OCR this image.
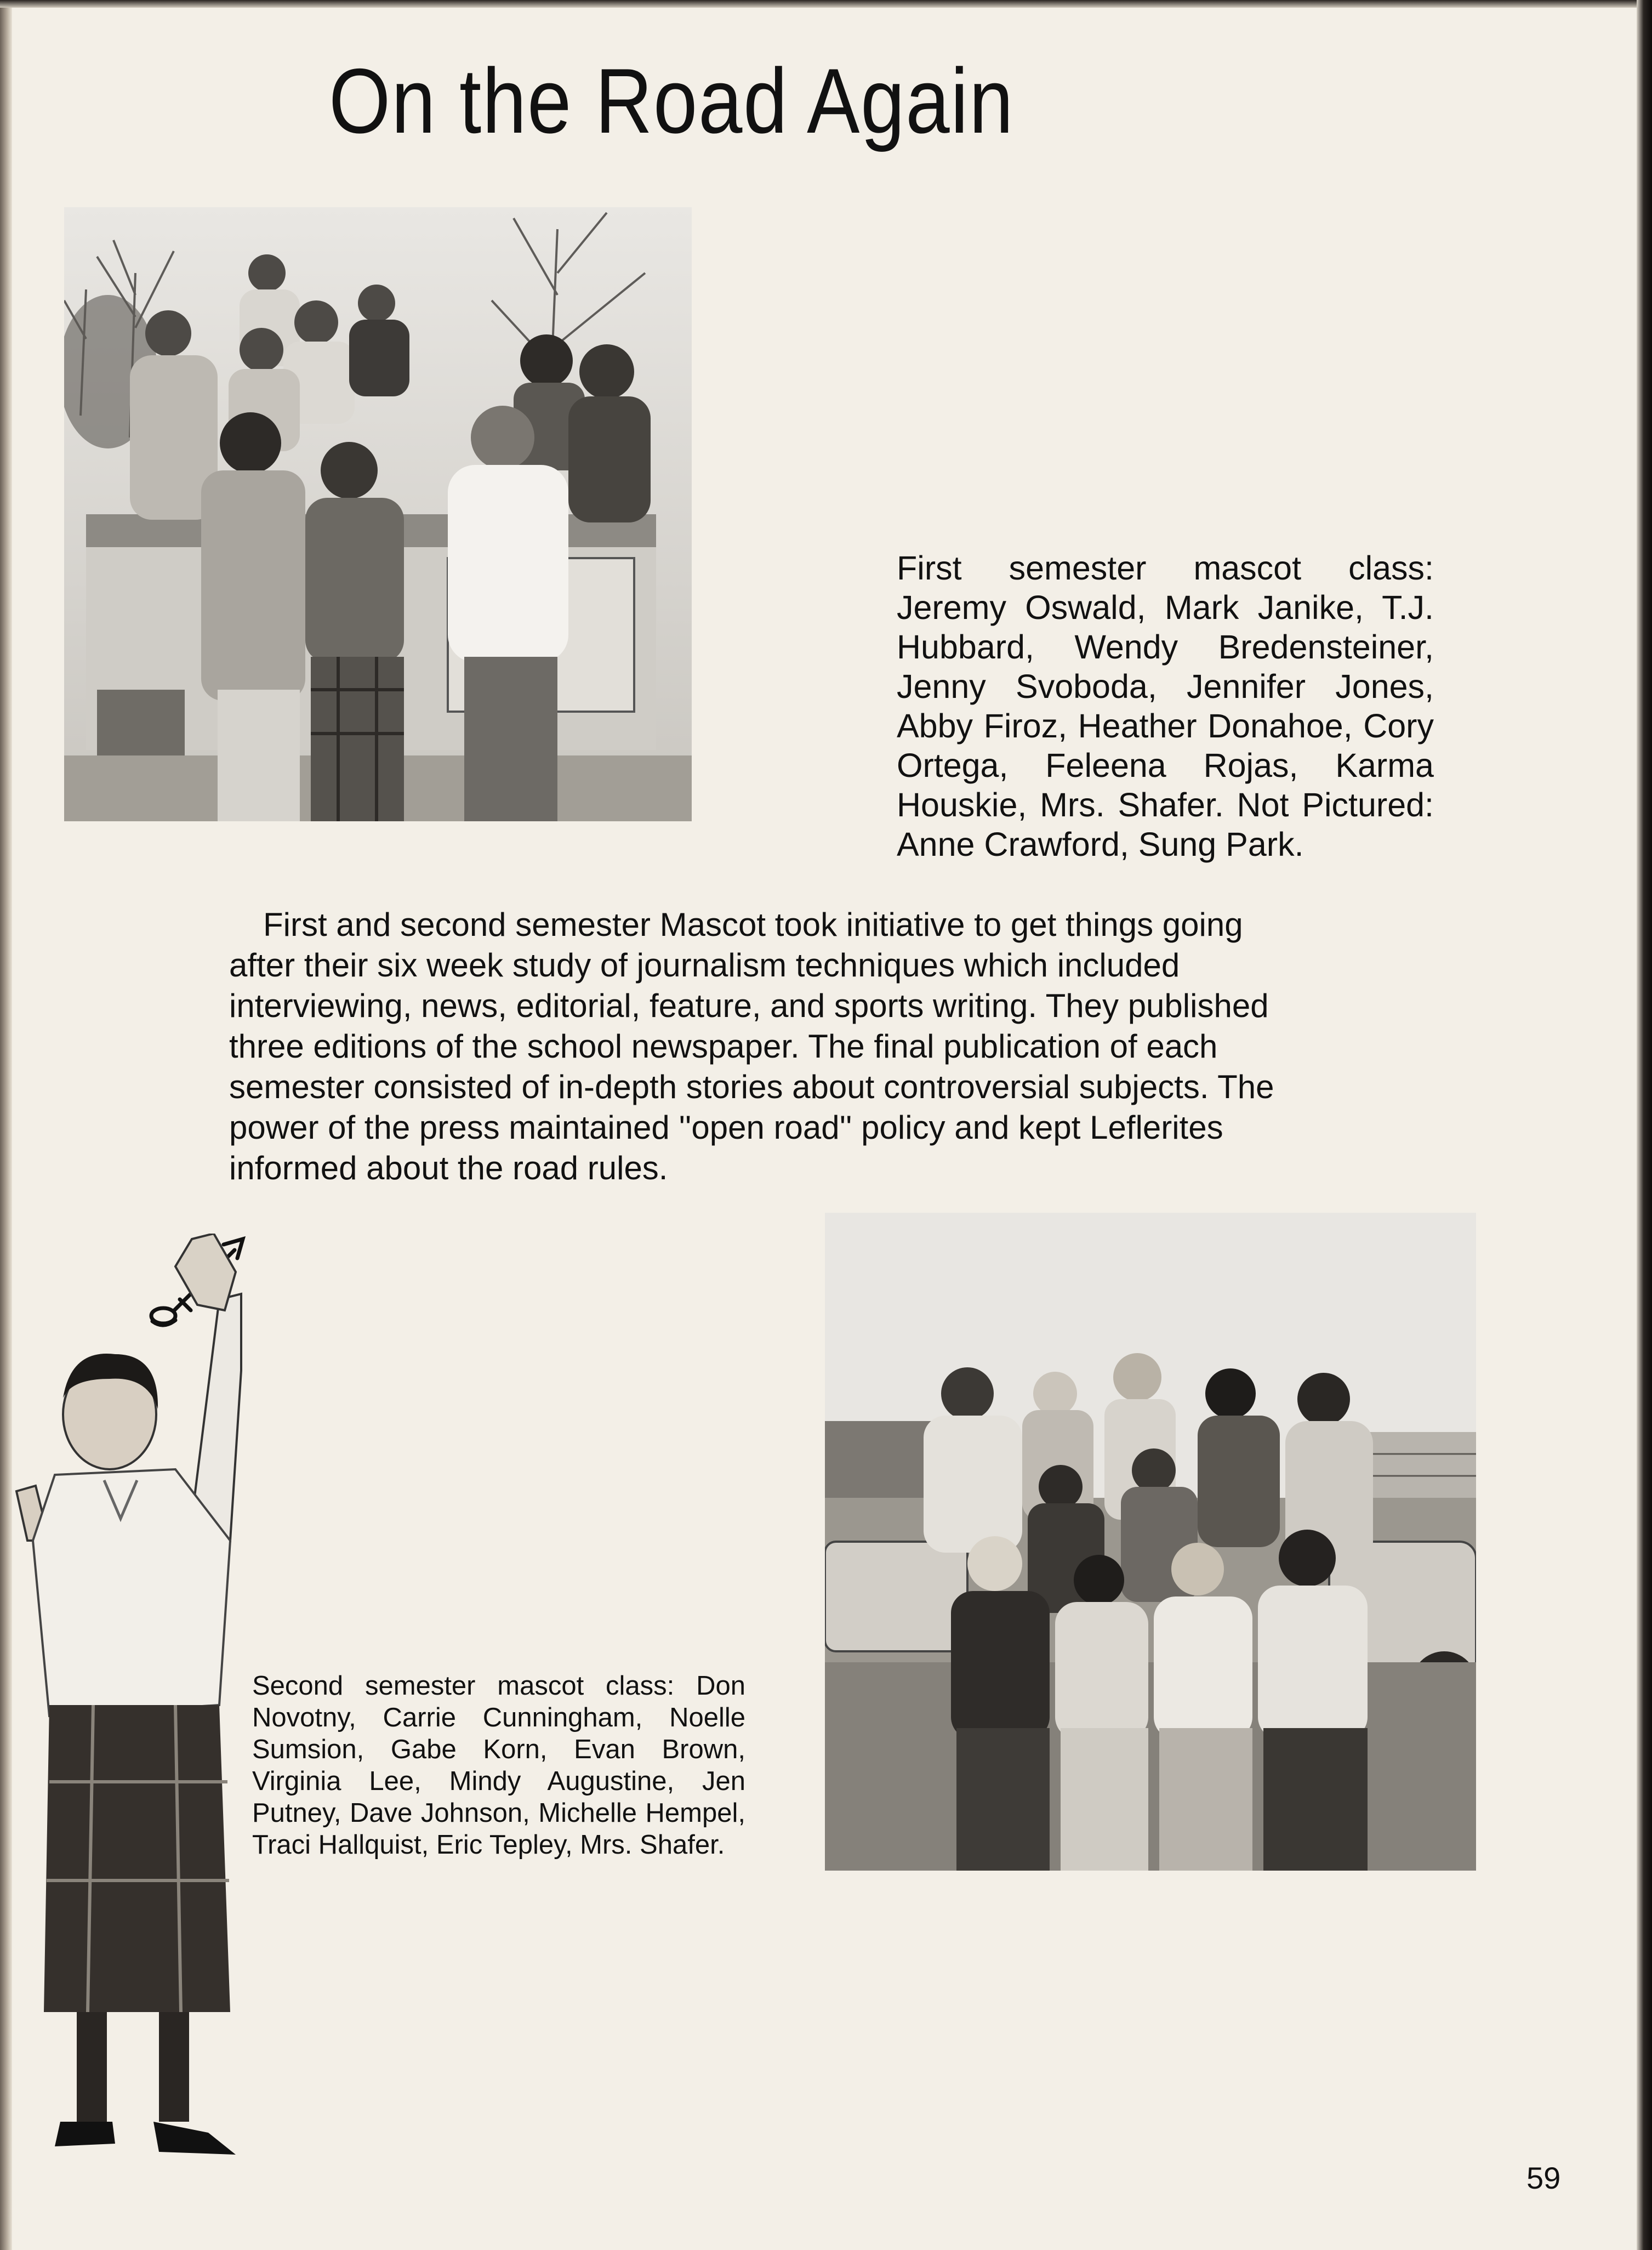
On the Road Again

First semester mascot class: Jeremy Oswald, Mark Janike, T.J. Hubbard, Wendy Bredensteiner, Jenny Svoboda, Jennifer Jones, Abby Firoz, Heather Donahoe, Cory Ortega, Feleena Rojas, Karma Houskie, Mrs. Shafer. Not Pictured: Anne Crawford, Sung Park.

First and second semester Mascot took initiative to get things going after their six week study of journalism techniques which included interviewing, news, editorial, feature, and sports writing. They published three editions of the school newspaper. The final publication of each semester consisted of in-depth stories about controversial subjects. The power of the press maintained ''open road'' policy and kept Leflerites informed about the road rules.

Second semester mascot class: Don Novotny, Carrie Cunningham, Noelle Sumsion, Gabe Korn, Evan Brown, Virginia Lee, Mindy Augustine, Jen Putney, Dave Johnson, Michelle Hempel, Traci Hallquist, Eric Tepley, Mrs. Shafer.

59
